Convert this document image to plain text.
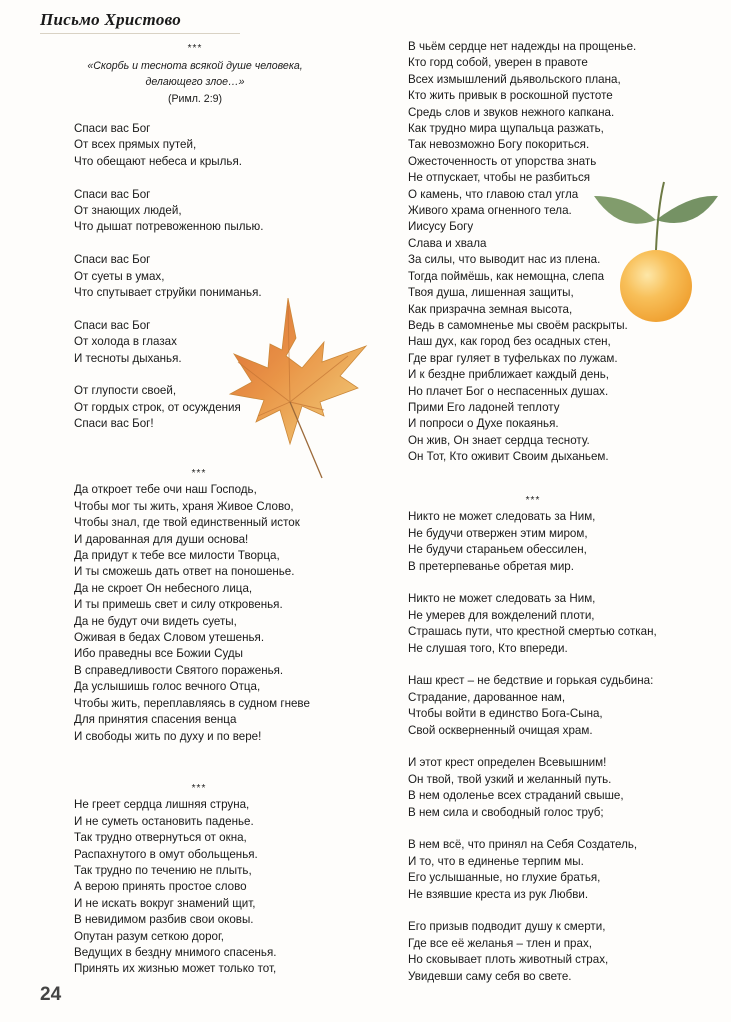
Письмо Христово
***
«Скорбь и теснота всякой душе человека,
делающего злое…»
(Римл. 2:9)
Спаси вас Бог
От всех прямых путей,
Что обещают небеса и крылья.
Спаси вас Бог
От знающих людей,
Что дышат потревоженною пылью.
Спаси вас Бог
От суеты в умах,
Что спутывает струйки пониманья.
Спаси вас Бог
От холода в глазах
И тесноты дыханья.
От глупости своей,
От гордых строк, от осуждения
Спаси вас Бог!
***
Да откроет тебе очи наш Господь,
Чтобы мог ты жить, храня Живое Слово,
Чтобы знал, где твой единственный исток
И дарованная для души основа!
Да придут к тебе все милости Творца,
И ты сможешь дать ответ на поношенье.
Да не скроет Он небесного лица,
И ты примешь свет и силу откровенья.
Да не будут очи видеть суеты,
Оживая в бедах Словом утешенья.
Ибо праведны все Божии Суды
В справедливости Святого пораженья.
Да услышишь голос вечного Отца,
Чтобы жить, переплавляясь в судном гневе
Для принятия спасения венца
И свободы жить по духу и по вере!
***
Не греет сердца лишняя струна,
И не суметь остановить паденье.
Так трудно отвернуться от окна,
Распахнутого в омут обольщенья.
Так трудно по течению не плыть,
А верою принять простое слово
И не искать вокруг знамений щит,
В невидимом разбив свои оковы.
Опутан разум сеткою дорог,
Ведущих в бездну мнимого спасенья.
Принять их жизнью может только тот,
В чьём сердце нет надежды на прощенье.
Кто горд собой, уверен в правоте
Всех измышлений дьявольского плана,
Кто жить привык в роскошной пустоте
Средь слов и звуков нежного капкана.
Как трудно мира щупальца разжать,
Так невозможно Богу покориться.
Ожесточенность от упорства знать
Не отпускает, чтобы не разбиться
О камень, что главою стал угла
Живого храма огненного тела.
Иисусу Богу
Слава и хвала
За силы, что выводит нас из плена.
Тогда поймёшь, как немощна, слепа
Твоя душа, лишенная защиты,
Как призрачна земная высота,
Ведь в самомненье мы своём раскрыты.
Наш дух, как город без осадных стен,
Где враг гуляет в туфельках по лужам.
И к бездне приближает каждый день,
Но плачет Бог о неспасенных душах.
Прими Его ладоней теплоту
И попроси о Духе покаянья.
Он жив, Он знает сердца тесноту.
Он Тот, Кто оживит Своим дыханьем.
***
Никто не может следовать за Ним,
Не будучи отвержен этим миром,
Не будучи стараньем обессилен,
В претерпеванье обретая мир.
Никто не может следовать за Ним,
Не умерев для вожделений плоти,
Страшась пути, что крестной смертью соткан,
Не слушая того, Кто впереди.
Наш крест – не бедствие и горькая судьбина:
Страдание, дарованное нам,
Чтобы войти в единство Бога-Сына,
Свой оскверненный очищая храм.
И этот крест определен Всевышним!
Он твой, твой узкий и желанный путь.
В нем одоленье всех страданий свыше,
В нем сила и свободный голос труб;
В нем всё, что принял на Себя Создатель,
И то, что в единенье терпим мы.
Его услышанные, но глухие братья,
Не взявшие креста из рук Любви.
Его призыв подводит душу к смерти,
Где все её желанья – тлен и прах,
Но сковывает плоть животный страх,
Увидевши саму себя во свете.
24
